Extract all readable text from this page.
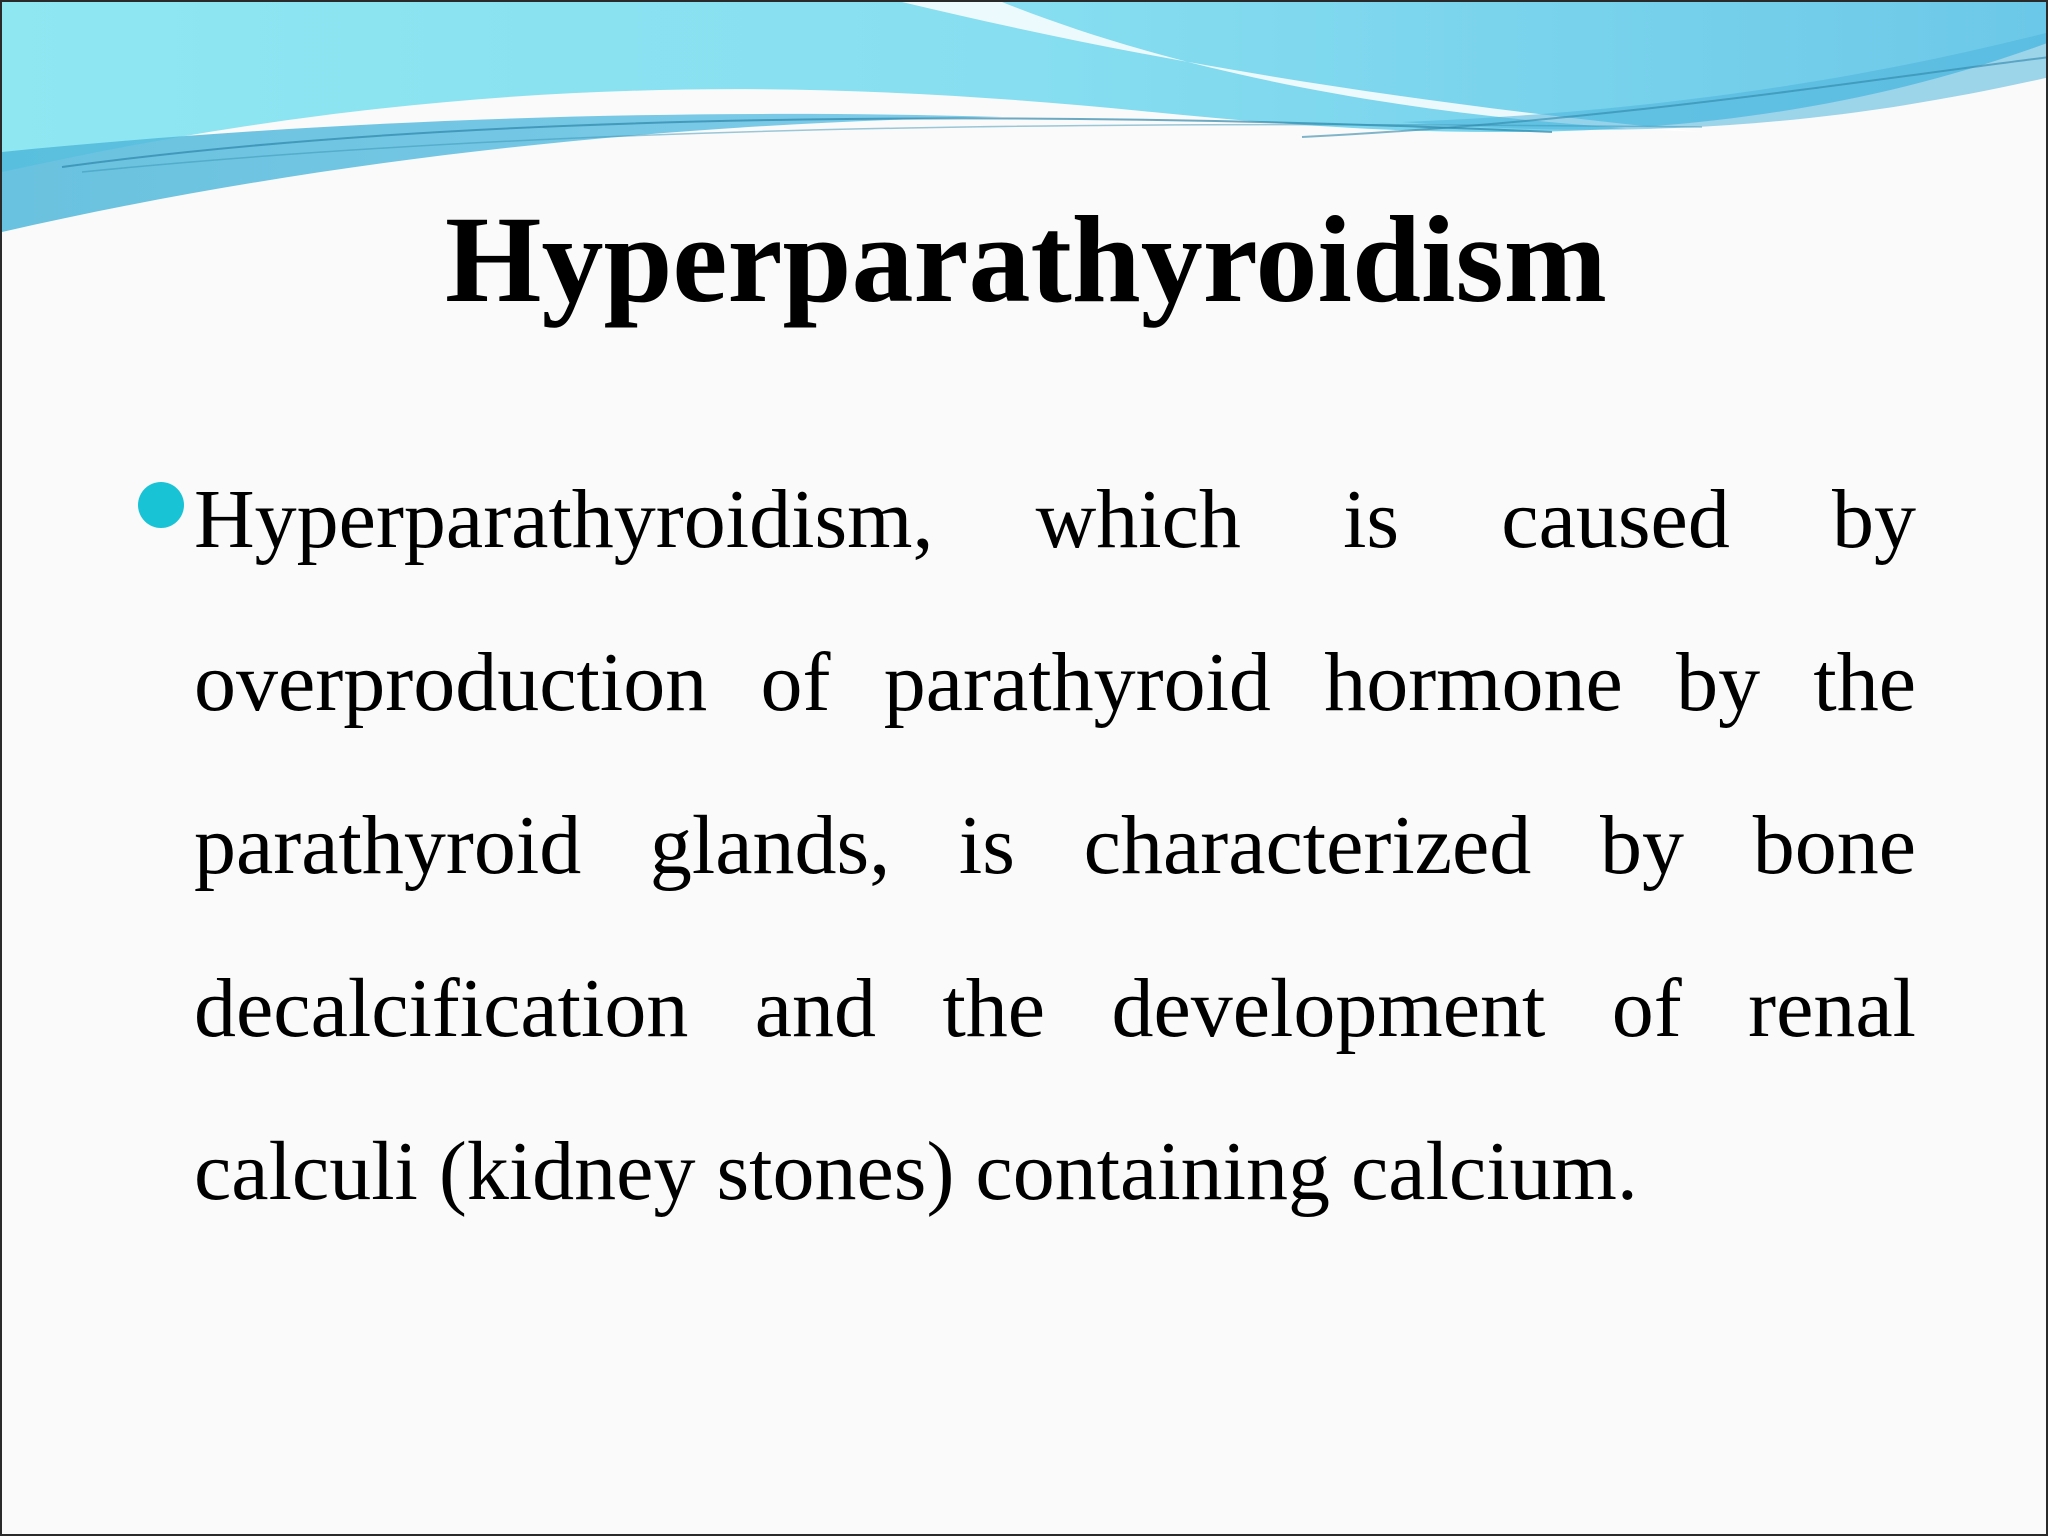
Hyperparathyroidism

Hyperparathyroidism, which is caused by overproduction of parathyroid hormone by the parathyroid glands, is characterized by bone decalcification and the development of renal calculi (kidney stones) containing calcium.
